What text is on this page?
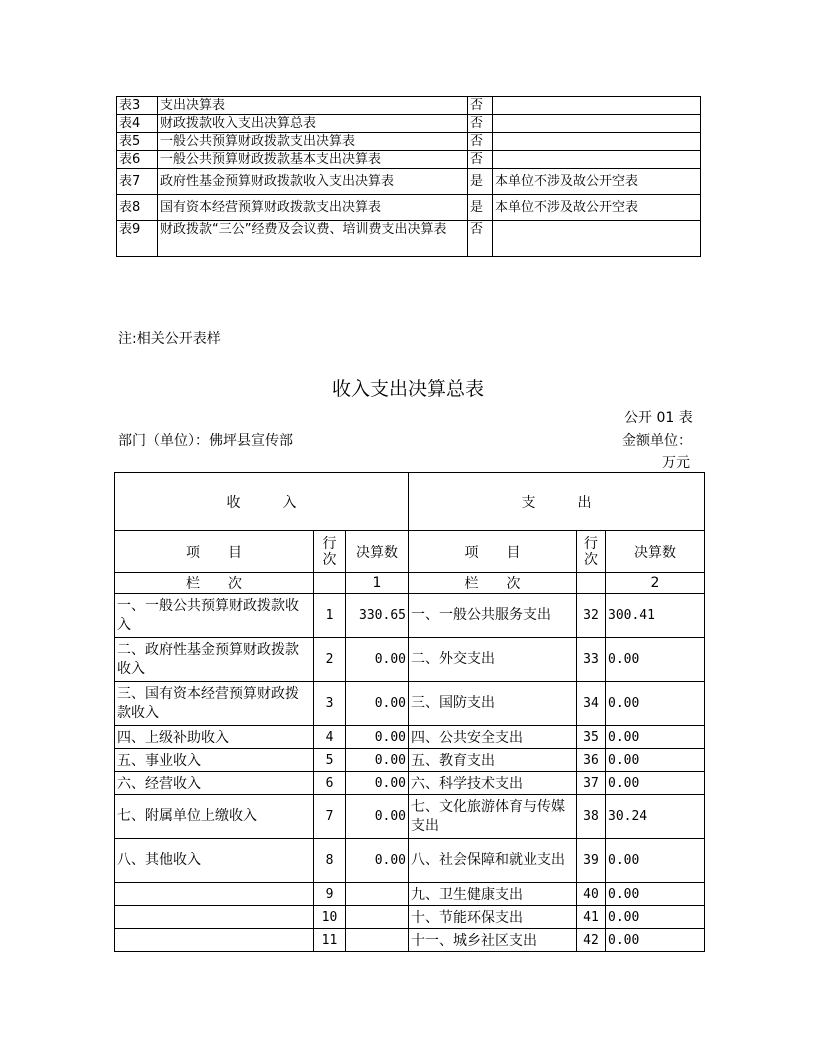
表3	支出决算表	否	
表4	财政拨款收入支出决算总表	否	
表5	一般公共预算财政拨款支出决算表	否	
表6	一般公共预算财政拨款基本支出决算表	否	
表7	政府性基金预算财政拨款收入支出决算表	是	本单位不涉及故公开空表
表8	国有资本经营预算财政拨款支出决算表	是	本单位不涉及故公开空表
表9	财政拨款“三公”经费及会议费、培训费支出决算表	否	
注:相关公开表样
收入支出决算总表
公开 01 表
部门（单位）：佛坪县宣传部	金额单位：
万元
收　　　入			支　　　出		
项　　目	行次	决算数	项　　目	行次	决算数
栏　　次		1	栏　　次		2
一、一般公共预算财政拨款收入	1	330.65	一、一般公共服务支出	32	300.41
二、政府性基金预算财政拨款收入	2	0.00	二、外交支出	33	0.00
三、国有资本经营预算财政拨款收入	3	0.00	三、国防支出	34	0.00
四、上级补助收入	4	0.00	四、公共安全支出	35	0.00
五、事业收入	5	0.00	五、教育支出	36	0.00
六、经营收入	6	0.00	六、科学技术支出	37	0.00
七、附属单位上缴收入	7	0.00	七、文化旅游体育与传媒支出	38	30.24
八、其他收入	8	0.00	八、社会保障和就业支出	39	0.00
	9		九、卫生健康支出	40	0.00
	10		十、节能环保支出	41	0.00
	11		十一、城乡社区支出	42	0.00
